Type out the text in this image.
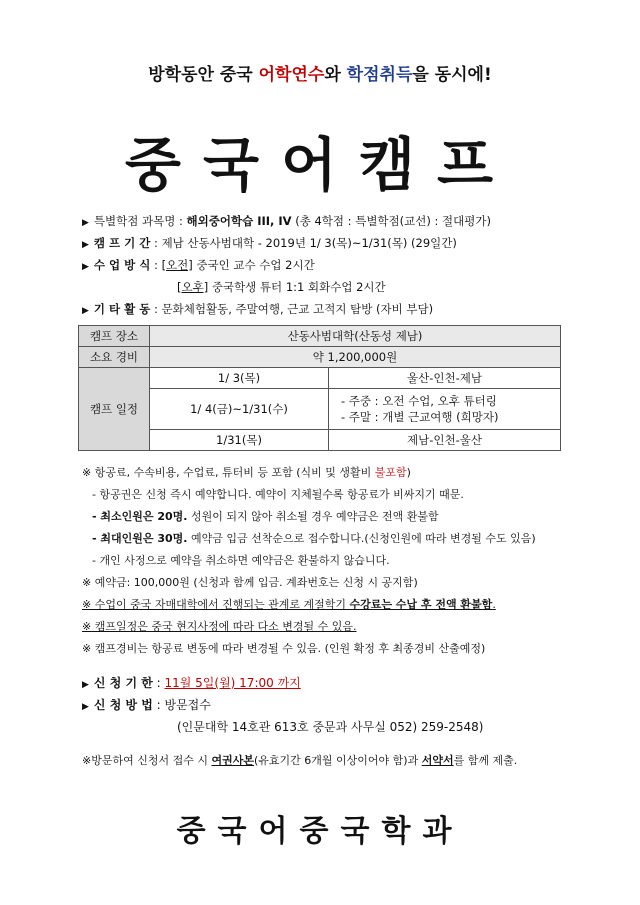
방학동안 중국 어학연수와 학점취득을 동시에!
중국어캠프
▶ 특별학점 과목명 : 해외중어학습 III, IV (총 4학점 : 특별학점(교선) : 절대평가)
▶ 캠 프 기 간 : 제남 산동사범대학 - 2019년 1/ 3(목)~1/31(목) (29일간)
▶ 수 업 방 식 : [오전] 중국인 교수 수업 2시간
[오후] 중국학생 튜터 1:1 회화수업 2시간
▶ 기 타 활 동 : 문화체험활동, 주말여행, 근교 고적지 탐방 (자비 부담)
캠프 장소	산동사범대학(산동성 제남)	
소요 경비	약 1,200,000원	
캠프 일정	1/ 3(목)	울산-인천-제남
	1/ 4(금)~1/31(수)	- 주중 : 오전 수업, 오후 튜터링
- 주말 : 개별 근교여행 (희망자)

	1/31(목)	제남-인천-울산
※ 항공료, 수속비용, 수업료, 튜터비 등 포함 (식비 및 생활비 불포함)
- 항공권은 신청 즉시 예약합니다. 예약이 지체될수록 항공료가 비싸지기 때문.
- 최소인원은 20명. 성원이 되지 않아 취소될 경우 예약금은 전액 환불함
- 최대인원은 30명. 예약금 입금 선착순으로 접수합니다.(신청인원에 따라 변경될 수도 있음)
- 개인 사정으로 예약을 취소하면 예약금은 환불하지 않습니다.
※ 예약금: 100,000원 (신청과 함께 입금. 계좌번호는 신청 시 공지함)
※ 수업이 중국 자매대학에서 진행되는 관계로 계절학기 수강료는 수납 후 전액 환불함.
※ 캠프일정은 중국 현지사정에 따라 다소 변경될 수 있음.
※ 캠프경비는 항공료 변동에 따라 변경될 수 있음. (인원 확정 후 최종경비 산출예정)
▶ 신 청 기 한 : 11월 5일(월) 17:00 까지
▶ 신 청 방 법 : 방문접수
(인문대학 14호관 613호 중문과 사무실 052) 259-2548)
※방문하여 신청서 접수 시 여권사본(유효기간 6개월 이상이어야 함)과 서약서를 함께 제출.
중국어중국학과
